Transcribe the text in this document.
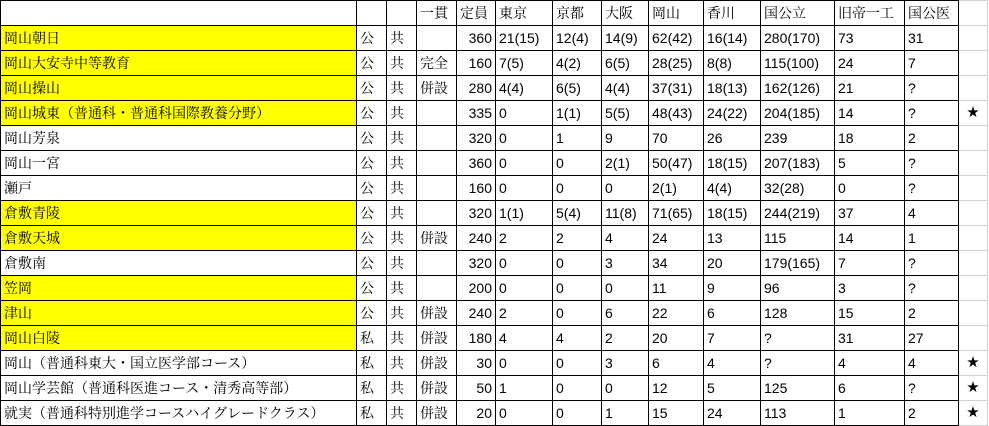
			一貫	定員	東京	京都	大阪	岡山	香川	国公立	旧帝一工	国公医	
岡山朝日	公	共		360	21(15)	12(4)	14(9)	62(42)	16(14)	280(170)	73	31	
岡山大安寺中等教育	公	共	完全	160	7(5)	4(2)	6(5)	28(25)	8(8)	115(100)	24	7	
岡山操山	公	共	併設	280	4(4)	6(5)	4(4)	37(31)	18(13)	162(126)	21	?	
岡山城東（普通科・普通科国際教養分野）	公	共		335	0	1(1)	5(5)	48(43)	24(22)	204(185)	14	?	★
岡山芳泉	公	共		320	0	1	9	70	26	239	18	2	
岡山一宮	公	共		360	0	0	2(1)	50(47)	18(15)	207(183)	5	?	
瀬戸	公	共		160	0	0	0	2(1)	4(4)	32(28)	0	?	
倉敷青陵	公	共		320	1(1)	5(4)	11(8)	71(65)	18(15)	244(219)	37	4	
倉敷天城	公	共	併設	240	2	2	4	24	13	115	14	1	
倉敷南	公	共		320	0	0	3	34	20	179(165)	7	?	
笠岡	公	共		200	0	0	0	11	9	96	3	?	
津山	公	共	併設	240	2	0	6	22	6	128	15	2	
岡山白陵	私	共	併設	180	4	4	2	20	7	?	31	27	
岡山（普通科東大・国立医学部コース）	私	共	併設	30	0	0	3	6	4	?	4	4	★
岡山学芸館（普通科医進コース・清秀高等部）	私	共	併設	50	1	0	0	12	5	125	6	?	★
就実（普通科特別進学コースハイグレードクラス）	私	共	併設	20	0	0	1	15	24	113	1	2	★
